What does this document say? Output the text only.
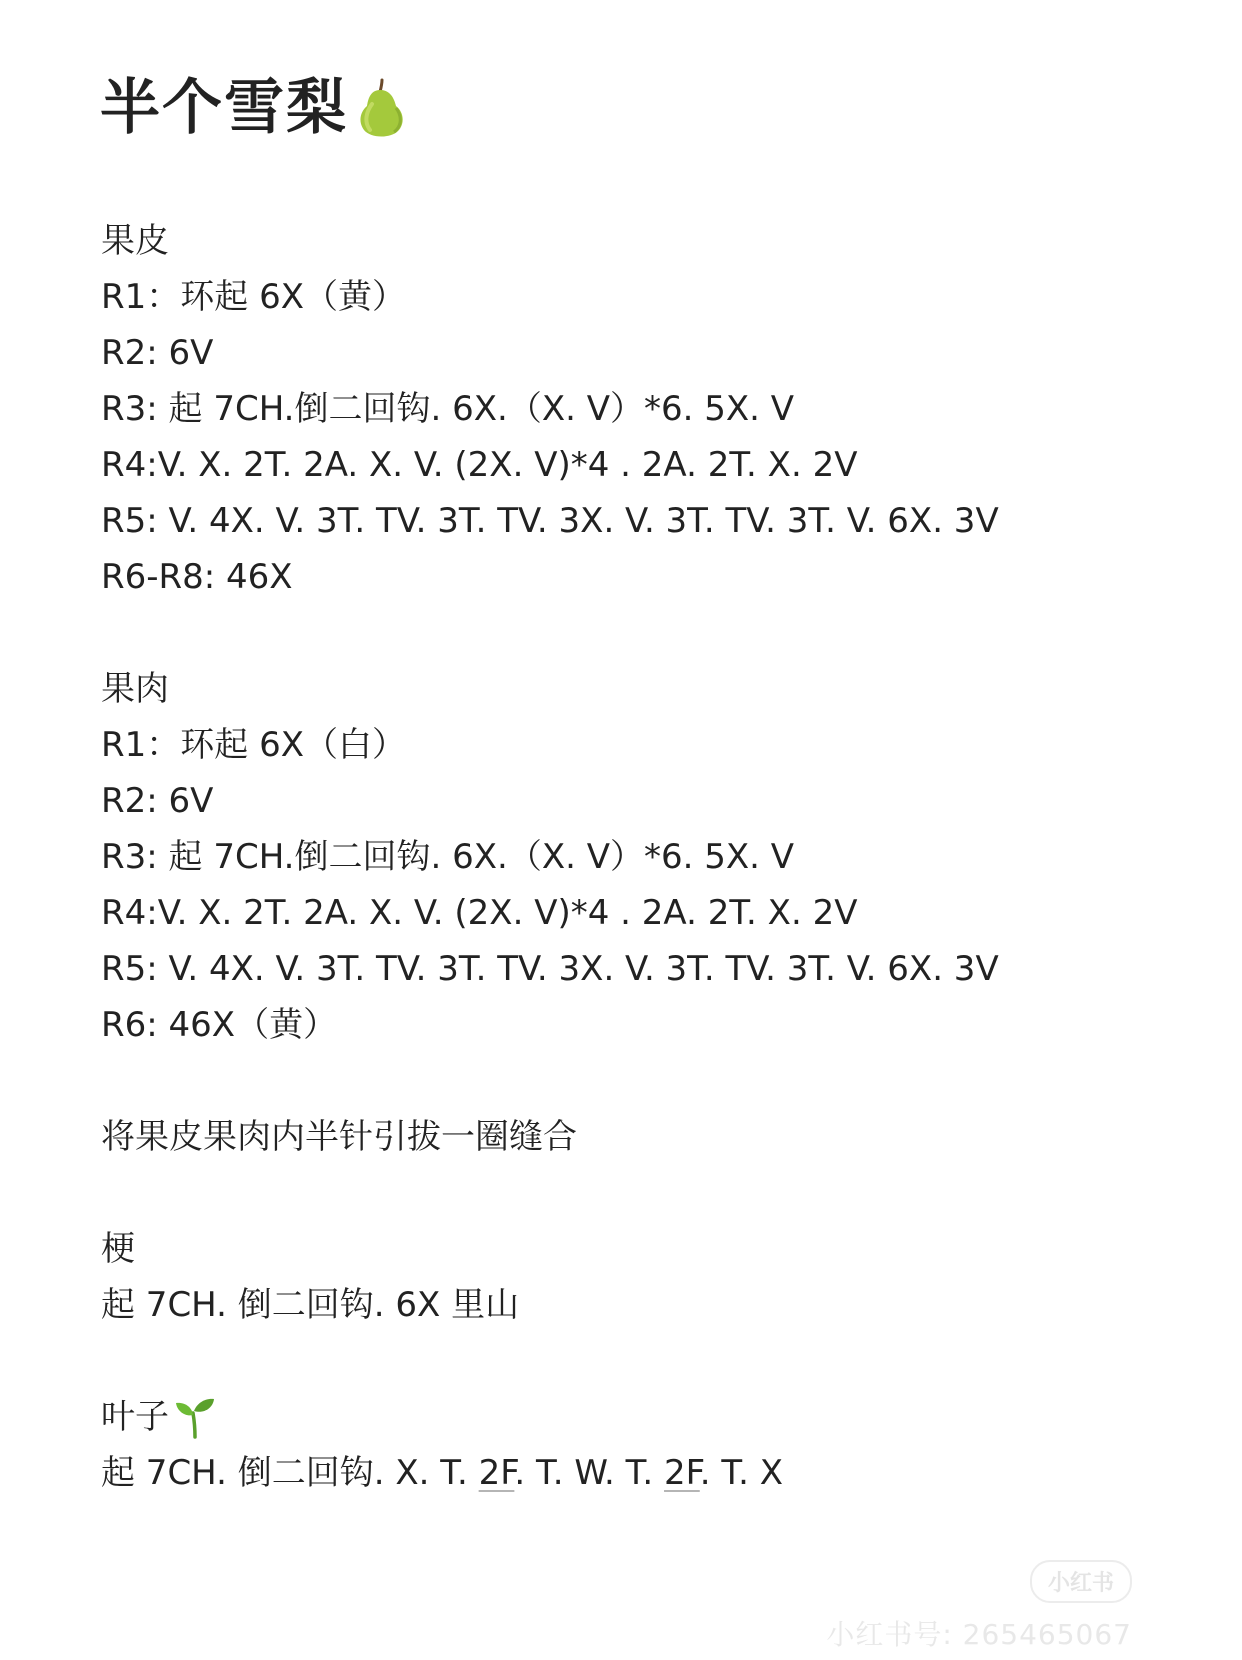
半个雪梨
果皮
R1：环起 6X（黄）
R2: 6V
R3: 起 7CH.倒二回钩. 6X.（X. V）*6. 5X. V
R4:V. X. 2T. 2A. X. V. (2X. V)*4 . 2A. 2T. X. 2V
R5: V. 4X. V. 3T. TV. 3T. TV. 3X. V. 3T. TV. 3T. V. 6X. 3V
R6-R8: 46X
果肉
R1：环起 6X（白）
R2: 6V
R3: 起 7CH.倒二回钩. 6X.（X. V）*6. 5X. V
R4:V. X. 2T. 2A. X. V. (2X. V)*4 . 2A. 2T. X. 2V
R5: V. 4X. V. 3T. TV. 3T. TV. 3X. V. 3T. TV. 3T. V. 6X. 3V
R6: 46X（黄）
将果皮果肉内半针引拔一圈缝合
梗
起 7CH. 倒二回钩. 6X 里山
叶子
起 7CH. 倒二回钩. X. T. 2F. T. W. T. 2F. T. X
小红书
小红书号: 265465067
